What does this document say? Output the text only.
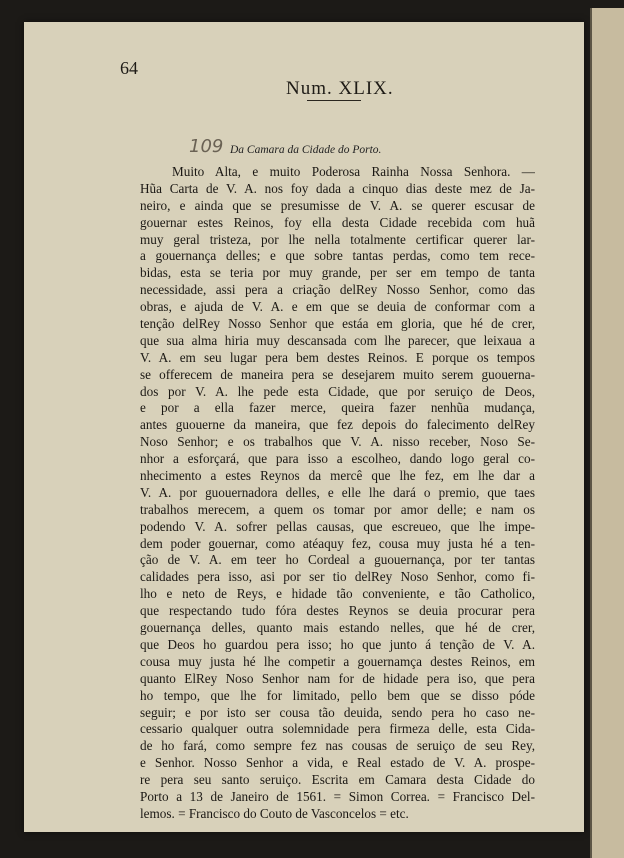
64
Num. XLIX.
109 Da Camara da Cidade do Porto.
Muito Alta, e muito Poderosa Rainha Nossa Senhora. —
Hũa Carta de V. A. nos foy dada a cinquo dias deste mez de Ja-
neiro, e ainda que se presumisse de V. A. se querer escusar de
gouernar estes Reinos, foy ella desta Cidade recebida com huã
muy geral tristeza, por lhe nella totalmente certificar querer lar-
a gouernança delles; e que sobre tantas perdas, como tem rece-
bidas, esta se teria por muy grande, per ser em tempo de tanta
necessidade, assi pera a criação delRey Nosso Senhor, como das
obras, e ajuda de V. A. e em que se deuia de conformar com a
tenção delRey Nosso Senhor que estáa em gloria, que hé de crer,
que sua alma hiria muy descansada com lhe parecer, que leixaua a
V. A. em seu lugar pera bem destes Reinos. E porque os tempos
se offerecem de maneira pera se desejarem muito serem guouerna-
dos por V. A. lhe pede esta Cidade, que por seruiço de Deos,
e por a ella fazer merce, queira fazer nenhũa mudança,
antes guouerne da maneira, que fez depois do falecimento delRey
Noso Senhor; e os trabalhos que V. A. nisso receber, Noso Se-
nhor a esforçará, que para isso a escolheo, dando logo geral co-
nhecimento a estes Reynos da mercê que lhe fez, em lhe dar a
V. A. por guouernadora delles, e elle lhe dará o premio, que taes
trabalhos merecem, a quem os tomar por amor delle; e nam os
podendo V. A. sofrer pellas causas, que escreueo, que lhe impe-
dem poder gouernar, como atéaquy fez, cousa muy justa hé a ten-
ção de V. A. em teer ho Cordeal a guouernança, por ter tantas
calidades pera isso, asi por ser tio delRey Noso Senhor, como fi-
lho e neto de Reys, e hidade tão conveniente, e tão Catholico,
que respectando tudo fóra destes Reynos se deuia procurar pera
gouernança delles, quanto mais estando nelles, que hé de crer,
que Deos ho guardou pera isso; ho que junto á tenção de V. A.
cousa muy justa hé lhe competir a gouernamça destes Reinos, em
quanto ElRey Noso Senhor nam for de hidade pera iso, que pera
ho tempo, que lhe for limitado, pello bem que se disso póde
seguir; e por isto ser cousa tão deuida, sendo pera ho caso ne-
cessario qualquer outra solemnidade pera firmeza delle, esta Cida-
de ho fará, como sempre fez nas cousas de seruiço de seu Rey,
e Senhor. Nosso Senhor a vida, e Real estado de V. A. prospe-
re pera seu santo seruiço. Escrita em Camara desta Cidade do
Porto a 13 de Janeiro de 1561. = Simon Correa. = Francisco Del-
lemos. = Francisco do Couto de Vasconcelos = etc.
